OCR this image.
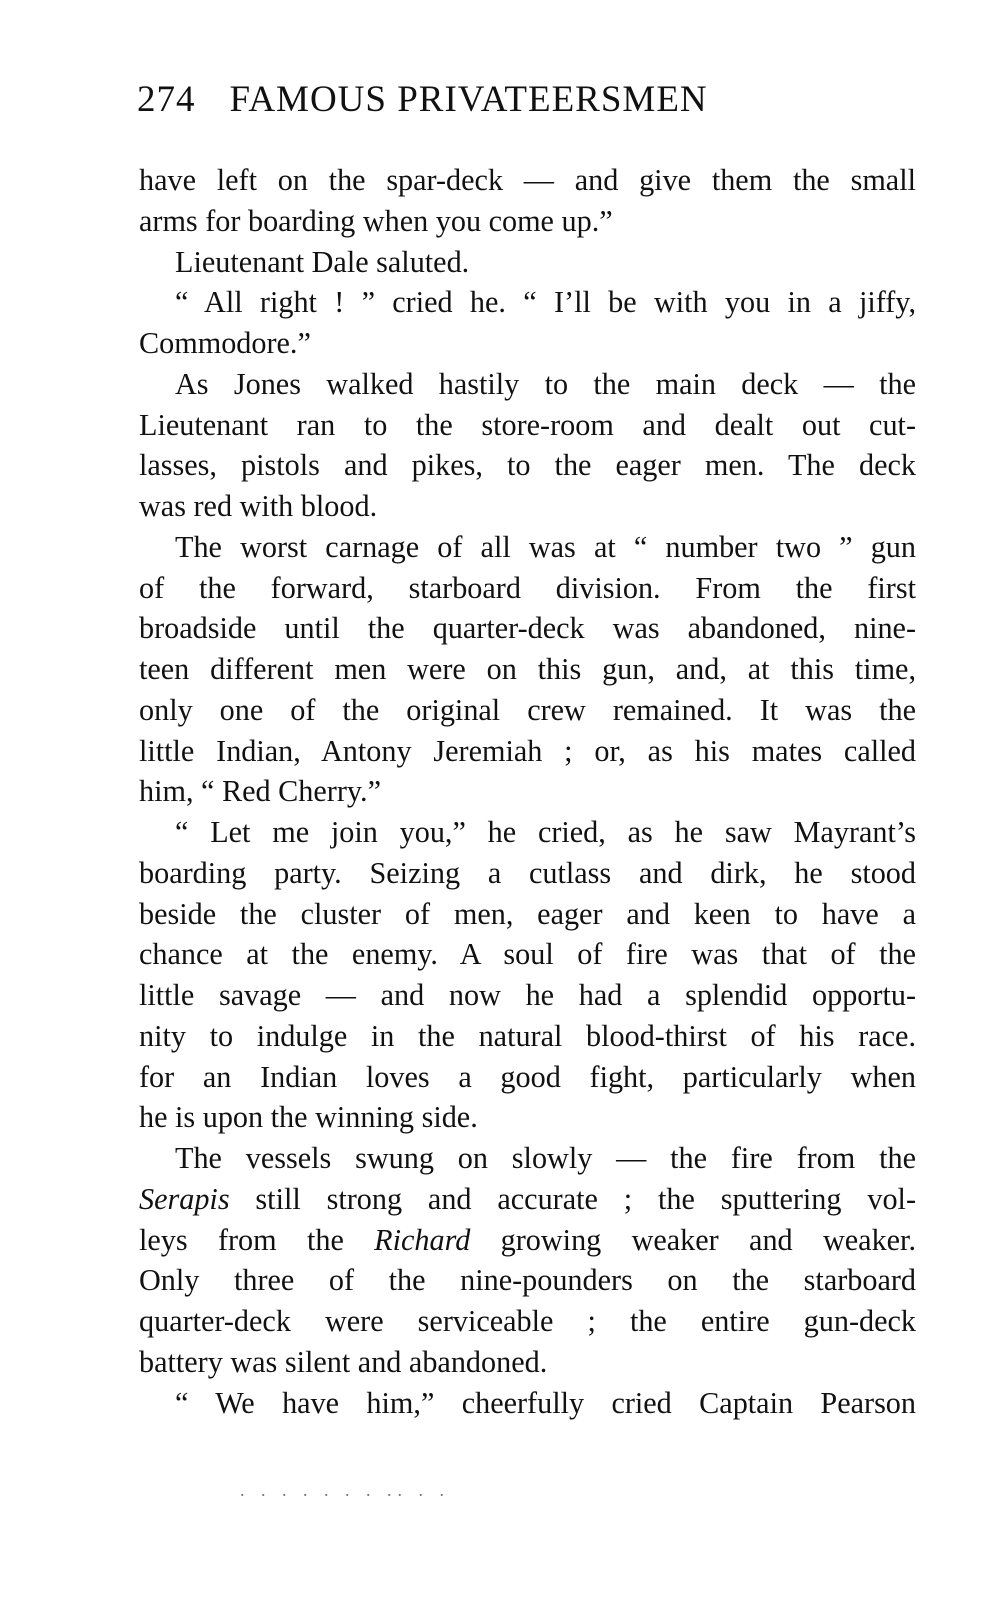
274 FAMOUS PRIVATEERSMEN
have left on the spar-deck — and give them the small
arms for boarding when you come up.”
Lieutenant Dale saluted.
“ All right ! ” cried he. “ I’ll be with you in a jiffy,
Commodore.”
As Jones walked hastily to the main deck — the
Lieutenant ran to the store-room and dealt out cut-
lasses, pistols and pikes, to the eager men. The deck
was red with blood.
The worst carnage of all was at “ number two ” gun
of the forward, starboard division. From the first
broadside until the quarter-deck was abandoned, nine-
teen different men were on this gun, and, at this time,
only one of the original crew remained. It was the
little Indian, Antony Jeremiah ; or, as his mates called
him, “ Red Cherry.”
“ Let me join you,” he cried, as he saw Mayrant’s
boarding party. Seizing a cutlass and dirk, he stood
beside the cluster of men, eager and keen to have a
chance at the enemy. A soul of fire was that of the
little savage — and now he had a splendid opportu-
nity to indulge in the natural blood-thirst of his race.
for an Indian loves a good fight, particularly when
he is upon the winning side.
The vessels swung on slowly — the fire from the
Serapis still strong and accurate ; the sputtering vol-
leys from the Richard growing weaker and weaker.
Only three of the nine-pounders on the starboard
quarter-deck were serviceable ; the entire gun-deck
battery was silent and abandoned.
“ We have him,” cheerfully cried Captain Pearson
. . . . . . . .. . .
